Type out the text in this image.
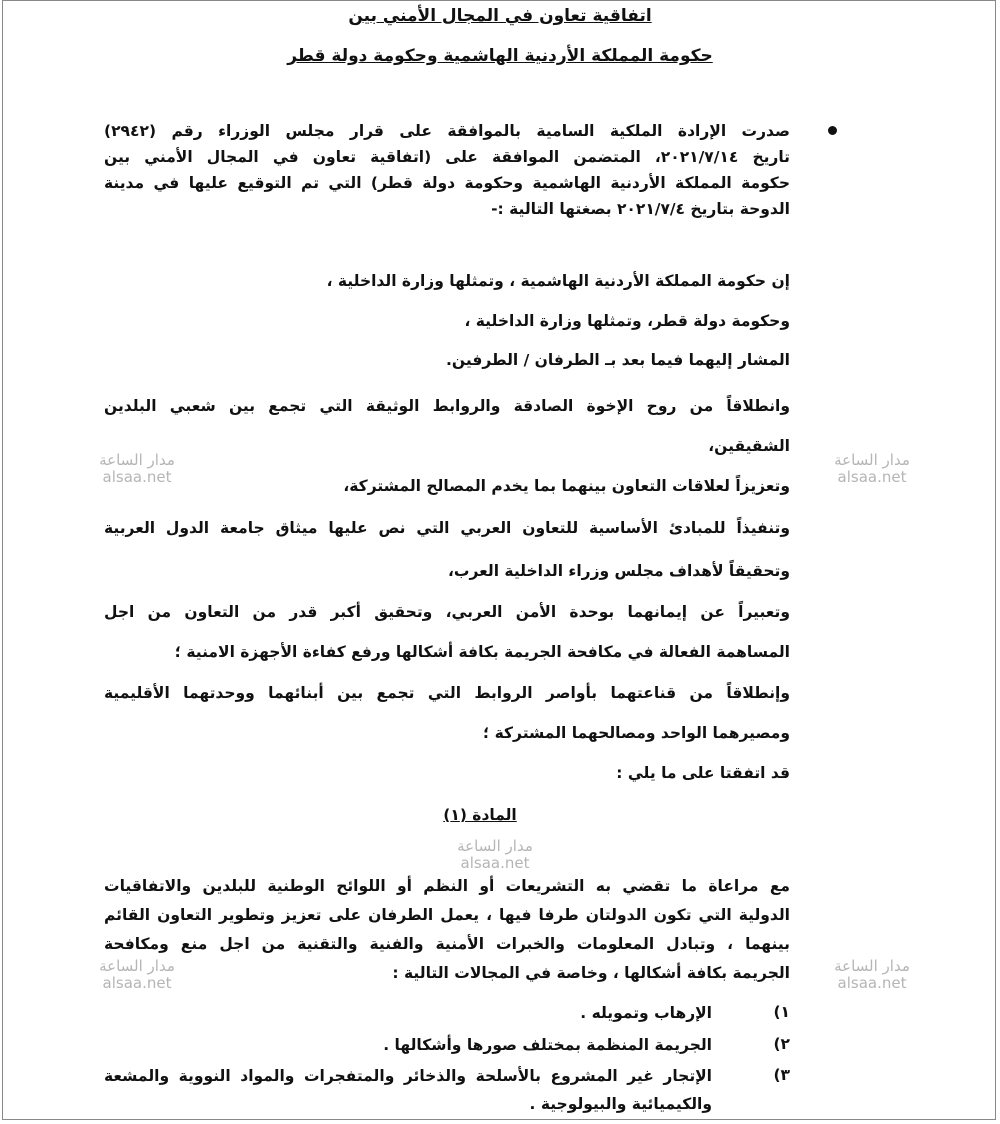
اتفاقية تعاون في المجال الأمني بين
حكومة المملكة الأردنية الهاشمية وحكومة دولة قطر
صدرت الإرادة الملكية السامية بالموافقة على قرار مجلس الوزراء رقم (٢٩٤٢)
تاريخ ٢٠٢١/٧/١٤، المتضمن الموافقة على (اتفاقية تعاون في المجال الأمني بين
حكومة المملكة الأردنية الهاشمية وحكومة دولة قطر) التي تم التوقيع عليها في مدينة
الدوحة بتاريخ ٢٠٢١/٧/٤ بصغتها التالية :-
إن حكومة المملكة الأردنية الهاشمية ، وتمثلها وزارة الداخلية ،
وحكومة دولة قطر، وتمثلها وزارة الداخلية ،
المشار إليهما فيما بعد بـ الطرفان / الطرفين.
وانطلاقاً من روح الإخوة الصادقة والروابط الوثيقة التي تجمع بين شعبي البلدين
الشقيقين،
وتعزيزاً لعلاقات التعاون بينهما بما يخدم المصالح المشتركة،
وتنفيذاً للمبادئ الأساسية للتعاون العربي التي نص عليها ميثاق جامعة الدول العربية
وتحقيقاً لأهداف مجلس وزراء الداخلية العرب،
وتعبيراً عن إيمانهما بوحدة الأمن العربي، وتحقيق أكبر قدر من التعاون من اجل
المساهمة الفعالة في مكافحة الجريمة بكافة أشكالها ورفع كفاءة الأجهزة الامنية ؛
وإنطلاقاً من قناعتهما بأواصر الروابط التي تجمع بين أبنائهما ووحدتهما الأقليمية
ومصيرهما الواحد ومصالحهما المشتركة ؛
قد اتفقتا على ما يلي :
المادة (١)
مع مراعاة ما تقضي به التشريعات أو النظم أو اللوائح الوطنية للبلدين والاتفاقيات
الدولية التي تكون الدولتان طرفا فيها ، يعمل الطرفان على تعزيز وتطوير التعاون القائم
بينهما ، وتبادل المعلومات والخبرات الأمنية والفنية والتقنية من اجل منع ومكافحة
الجريمة بكافة أشكالها ، وخاصة في المجالات التالية :
١)
الإرهاب وتمويله .
٢)
الجريمة المنظمة بمختلف صورها وأشكالها .
٣)
الإتجار غير المشروع بالأسلحة والذخائر والمتفجرات والمواد النووية والمشعة
والكيميائية والبيولوجية .
مدار الساعة
alsaa.net
مدار الساعة
alsaa.net
مدار الساعة
alsaa.net
مدار الساعة
alsaa.net
مدار الساعة
alsaa.net
